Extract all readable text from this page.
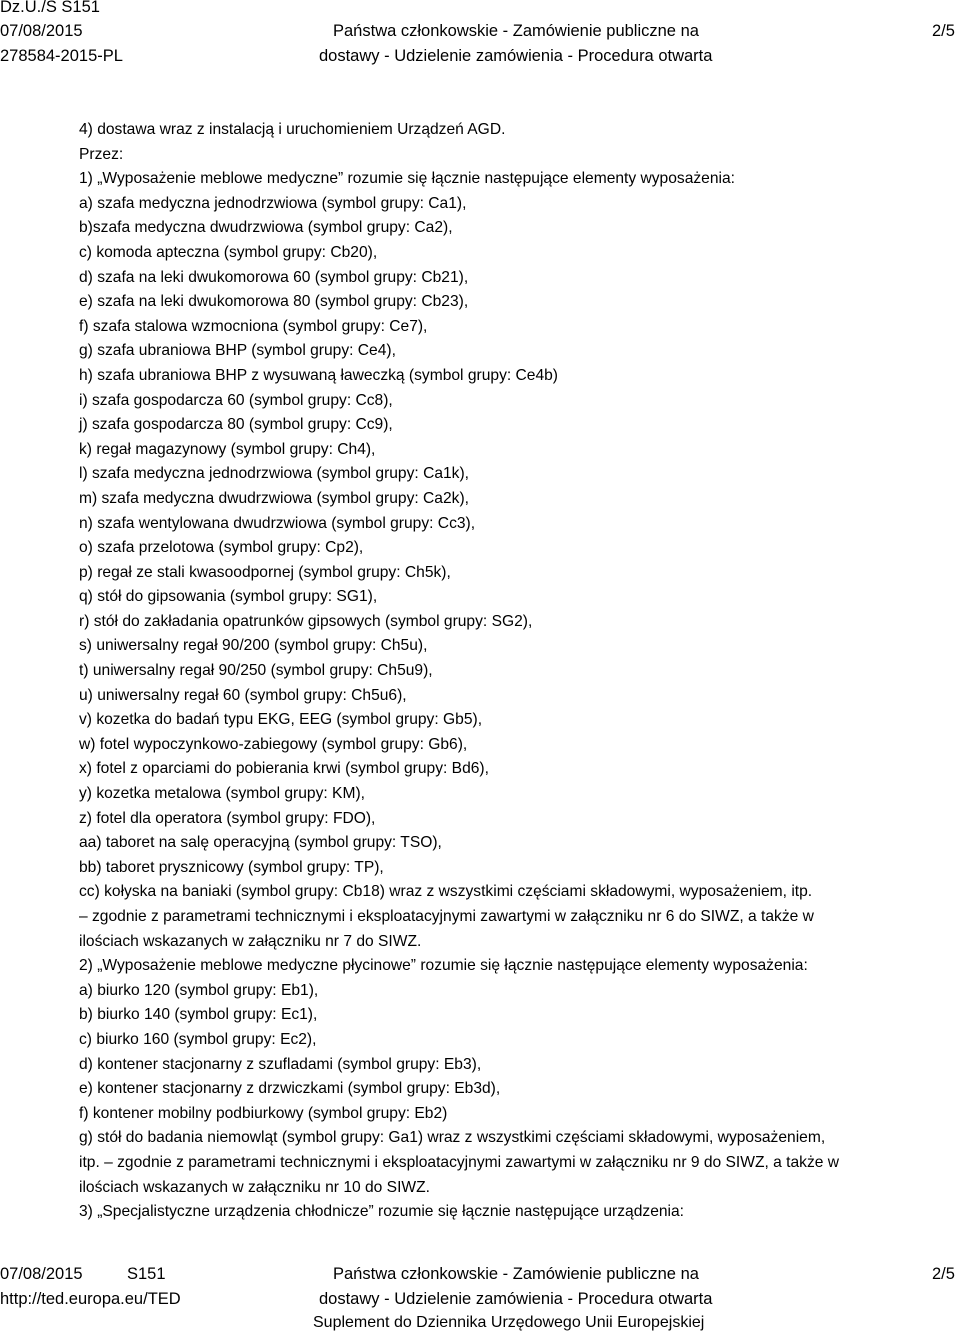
Dz.U./S S151
07/08/2015
278584-2015-PL
Państwa członkowskie - Zamówienie publiczne na
dostawy - Udzielenie zamówienia - Procedura otwarta
2/5
4) dostawa wraz z instalacją i uruchomieniem Urządzeń AGD.
Przez:
1) „Wyposażenie meblowe medyczne” rozumie się łącznie następujące elementy wyposażenia:
a) szafa medyczna jednodrzwiowa (symbol grupy: Ca1),
b)szafa medyczna dwudrzwiowa (symbol grupy: Ca2),
c) komoda apteczna (symbol grupy: Cb20),
d) szafa na leki dwukomorowa 60 (symbol grupy: Cb21),
e) szafa na leki dwukomorowa 80 (symbol grupy: Cb23),
f) szafa stalowa wzmocniona (symbol grupy: Ce7),
g) szafa ubraniowa BHP (symbol grupy: Ce4),
h) szafa ubraniowa BHP z wysuwaną ławeczką (symbol grupy: Ce4b)
i) szafa gospodarcza 60 (symbol grupy: Cc8),
j) szafa gospodarcza 80 (symbol grupy: Cc9),
k) regał magazynowy (symbol grupy: Ch4),
l) szafa medyczna jednodrzwiowa (symbol grupy: Ca1k),
m) szafa medyczna dwudrzwiowa (symbol grupy: Ca2k),
n) szafa wentylowana dwudrzwiowa (symbol grupy: Cc3),
o) szafa przelotowa (symbol grupy: Cp2),
p) regał ze stali kwasoodpornej (symbol grupy: Ch5k),
q) stół do gipsowania (symbol grupy: SG1),
r) stół do zakładania opatrunków gipsowych (symbol grupy: SG2),
s) uniwersalny regał 90/200 (symbol grupy: Ch5u),
t) uniwersalny regał 90/250 (symbol grupy: Ch5u9),
u) uniwersalny regał 60 (symbol grupy: Ch5u6),
v) kozetka do badań typu EKG, EEG (symbol grupy: Gb5),
w) fotel wypoczynkowo-zabiegowy (symbol grupy: Gb6),
x) fotel z oparciami do pobierania krwi (symbol grupy: Bd6),
y) kozetka metalowa (symbol grupy: KM),
z) fotel dla operatora (symbol grupy: FDO),
aa) taboret na salę operacyjną (symbol grupy: TSO),
bb) taboret prysznicowy (symbol grupy: TP),
cc) kołyska na baniaki (symbol grupy: Cb18) wraz z wszystkimi częściami składowymi, wyposażeniem, itp.
– zgodnie z parametrami technicznymi i eksploatacyjnymi zawartymi w załączniku nr 6 do SIWZ, a także w
ilościach wskazanych w załączniku nr 7 do SIWZ.
2) „Wyposażenie meblowe medyczne płycinowe” rozumie się łącznie następujące elementy wyposażenia:
a) biurko 120 (symbol grupy: Eb1),
b) biurko 140 (symbol grupy: Ec1),
c) biurko 160 (symbol grupy: Ec2),
d) kontener stacjonarny z szufladami (symbol grupy: Eb3),
e) kontener stacjonarny z drzwiczkami (symbol grupy: Eb3d),
f) kontener mobilny podbiurkowy (symbol grupy: Eb2)
g) stół do badania niemowląt (symbol grupy: Ga1) wraz z wszystkimi częściami składowymi, wyposażeniem,
itp. – zgodnie z parametrami technicznymi i eksploatacyjnymi zawartymi w załączniku nr 9 do SIWZ, a także w
ilościach wskazanych w załączniku nr 10 do SIWZ.
3) „Specjalistyczne urządzenia chłodnicze” rozumie się łącznie następujące urządzenia:
07/08/2015	S151
http://ted.europa.eu/TED
Państwa członkowskie - Zamówienie publiczne na
dostawy - Udzielenie zamówienia - Procedura otwarta
Suplement do Dziennika Urzędowego Unii Europejskiej
2/5
